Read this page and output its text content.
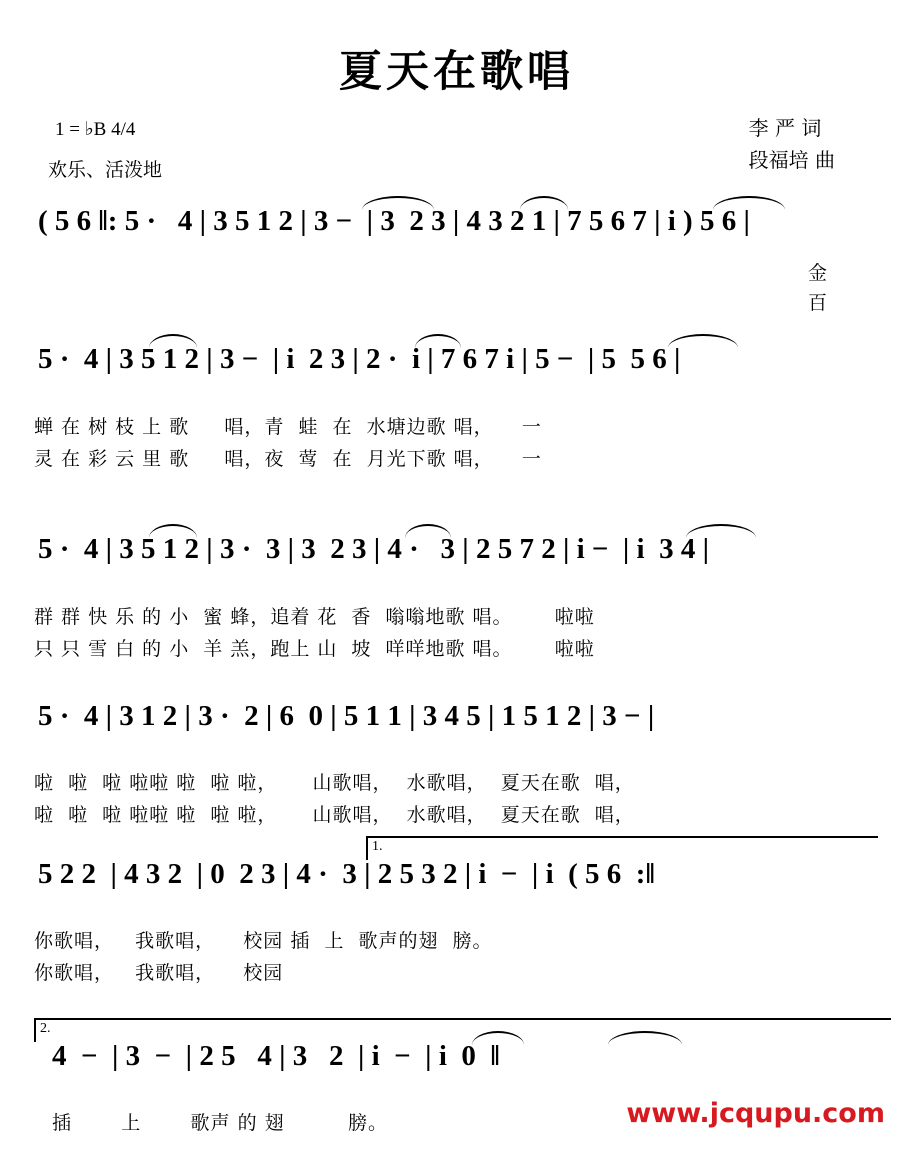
夏天在歌唱
1 = ♭B 4/4
欢乐、活泼地
李 严 词
段福培 曲
( 5 6 ‖: 5 ·   4 | 3 5 1 2 | 3 −  | 3  2 3 | 4 3 2 1 | 7 5 6 7 | i ) 5 6 |
金
百
5 ·  4 | 3 5 1 2 | 3 −  | i  2 3 | 2 ·  i | 7 6 7 i | 5 −  | 5  5 6 |
蝉 在 树 枝 上 歌     唱，青  蛙  在  水塘边歌 唱，    一
灵 在 彩 云 里 歌     唱，夜  莺  在  月光下歌 唱，    一
5 ·  4 | 3 5 1 2 | 3 ·  3 | 3  2 3 | 4 ·   3 | 2 5 7 2 | i −  | i  3 4 |
群 群 快 乐 的 小  蜜 蜂，追着 花  香  嗡嗡地歌 唱。      啦啦
只 只 雪 白 的 小  羊 羔，跑上 山  坡  咩咩地歌 唱。      啦啦
5 ·  4 | 3 1 2 | 3 ·  2 | 6  0 | 5 1 1 | 3 4 5 | 1 5 1 2 | 3 − |
啦  啦  啦 啦啦 啦  啦 啦，     山歌唱，  水歌唱，  夏天在歌  唱，
啦  啦  啦 啦啦 啦  啦 啦，     山歌唱，  水歌唱，  夏天在歌  唱，
1.
5 2 2  | 4 3 2  | 0  2 3 | 4 ·  3 | 2 5 3 2 | i  −  | i  ( 5 6  :‖
你歌唱，   我歌唱，    校园 插  上  歌声的翅  膀。
你歌唱，   我歌唱，    校园
2.
4  −  | 3  −  | 2 5   4 | 3   2  | i  −  | i  0  ‖
插       上       歌声 的 翅         膀。	www.jcqupu.com
